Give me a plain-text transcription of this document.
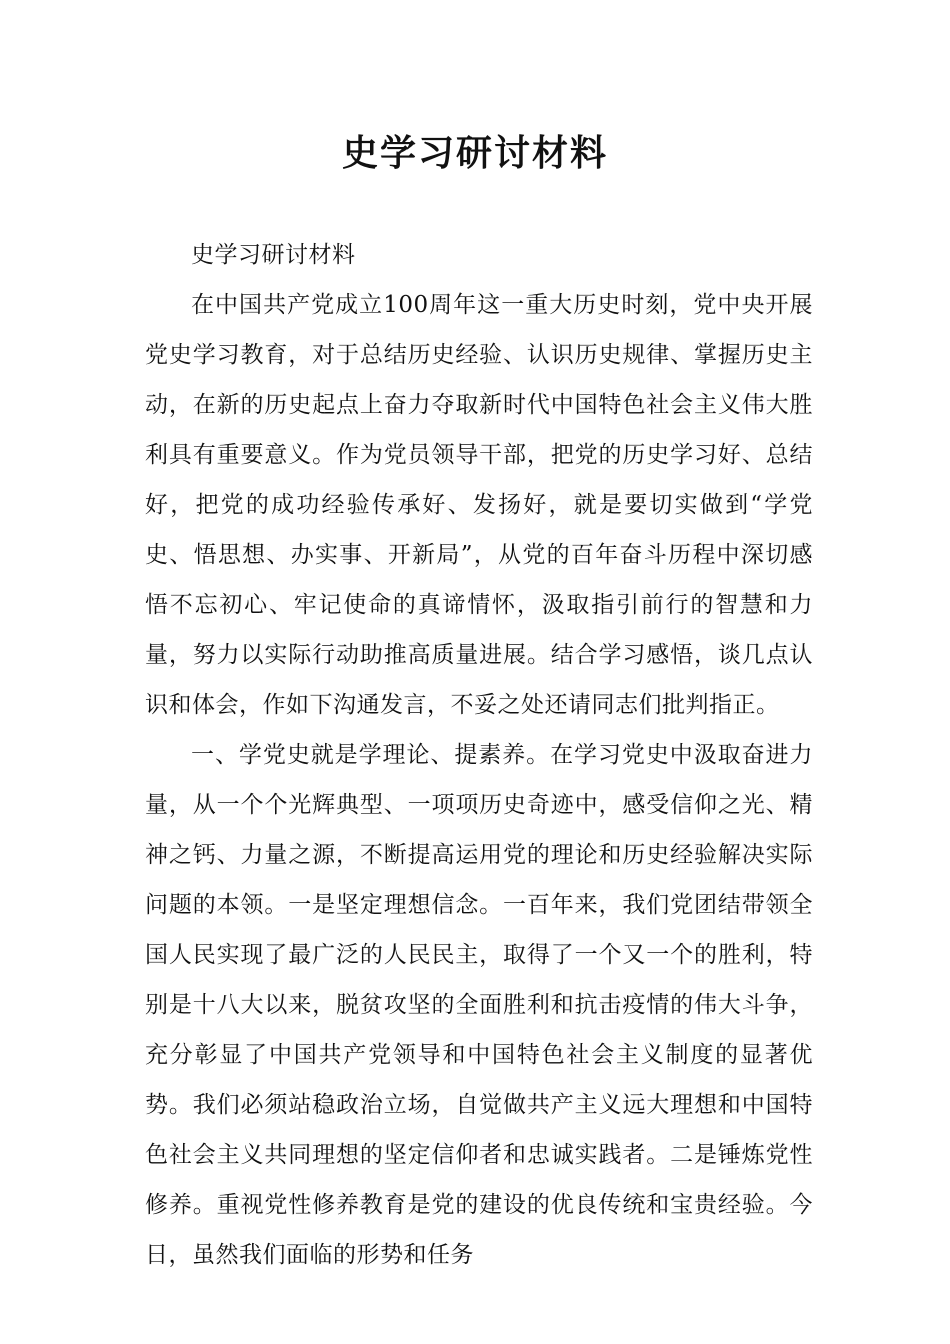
史学习研讨材料

史学习研讨材料

在中国共产党成立100周年这一重大历史时刻，党中央开展党史学习教育，对于总结历史经验、认识历史规律、掌握历史主动，在新的历史起点上奋力夺取新时代中国特色社会主义伟大胜利具有重要意义。作为党员领导干部，把党的历史学习好、总结好，把党的成功经验传承好、发扬好，就是要切实做到“学党史、悟思想、办实事、开新局”，从党的百年奋斗历程中深切感悟不忘初心、牢记使命的真谛情怀，汲取指引前行的智慧和力量，努力以实际行动助推高质量进展。结合学习感悟，谈几点认识和体会，作如下沟通发言，不妥之处还请同志们批判指正。

一、学党史就是学理论、提素养。在学习党史中汲取奋进力量，从一个个光辉典型、一项项历史奇迹中，感受信仰之光、精神之钙、力量之源，不断提高运用党的理论和历史经验解决实际问题的本领。一是坚定理想信念。一百年来，我们党团结带领全国人民实现了最广泛的人民民主，取得了一个又一个的胜利，特别是十八大以来，脱贫攻坚的全面胜利和抗击疫情的伟大斗争，充分彰显了中国共产党领导和中国特色社会主义制度的显著优势。我们必须站稳政治立场，自觉做共产主义远大理想和中国特色社会主义共同理想的坚定信仰者和忠诚实践者。二是锤炼党性修养。重视党性修养教育是党的建设的优良传统和宝贵经验。今日，虽然我们面临的形势和任务
